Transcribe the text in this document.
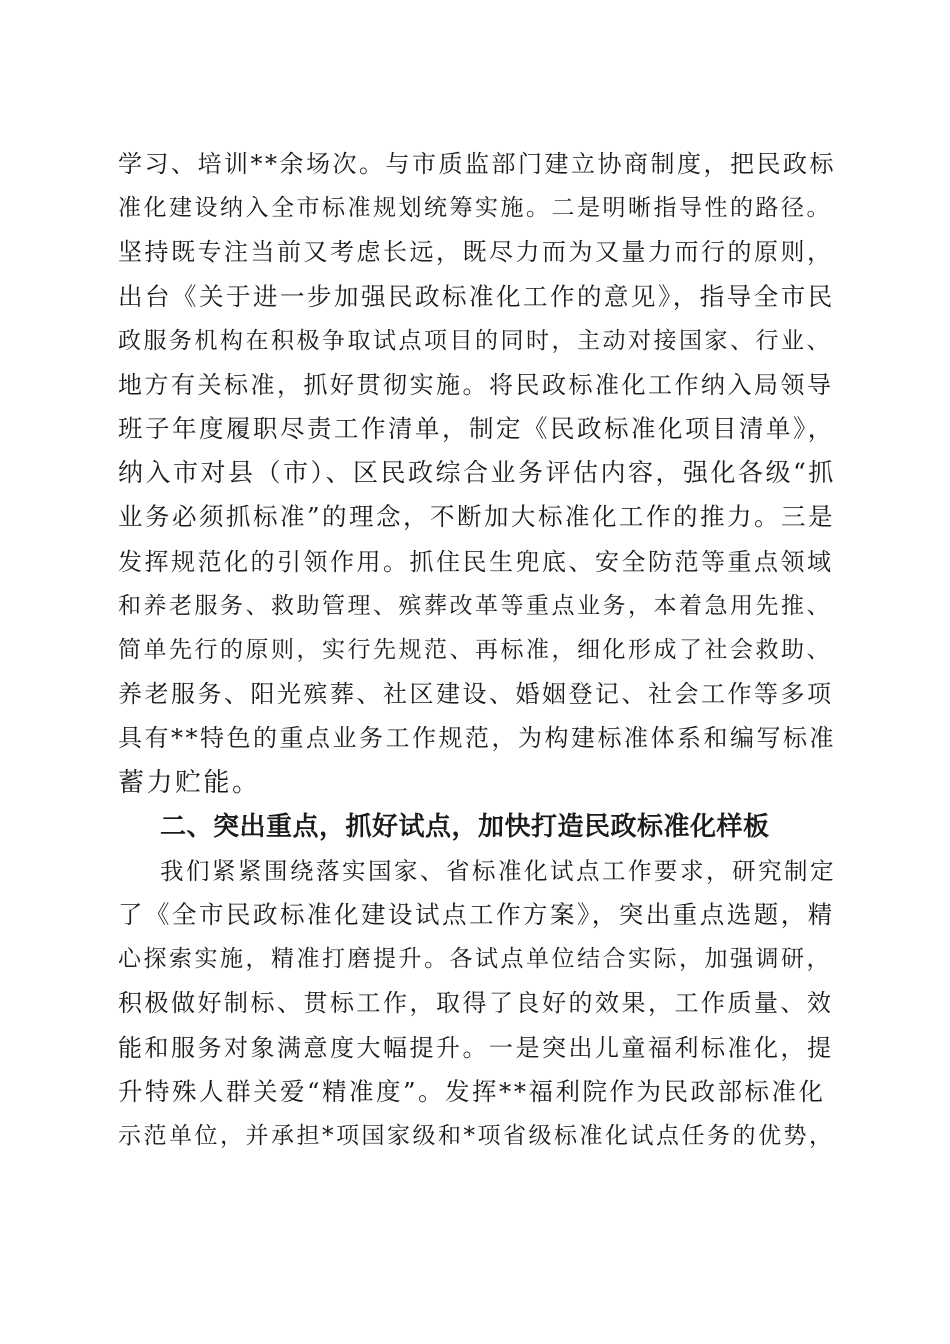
学习、培训**余场次。与市质监部门建立协商制度，把民政标
准化建设纳入全市标准规划统筹实施。二是明晰指导性的路径。
坚持既专注当前又考虑长远，既尽力而为又量力而行的原则，
出台《关于进一步加强民政标准化工作的意见》，指导全市民
政服务机构在积极争取试点项目的同时，主动对接国家、行业、
地方有关标准，抓好贯彻实施。将民政标准化工作纳入局领导
班子年度履职尽责工作清单，制定《民政标准化项目清单》，
纳入市对县（市）、区民政综合业务评估内容，强化各级“抓
业务必须抓标准”的理念，不断加大标准化工作的推力。三是
发挥规范化的引领作用。抓住民生兜底、安全防范等重点领域
和养老服务、救助管理、殡葬改革等重点业务，本着急用先推、
简单先行的原则，实行先规范、再标准，细化形成了社会救助、
养老服务、阳光殡葬、社区建设、婚姻登记、社会工作等多项
具有**特色的重点业务工作规范，为构建标准体系和编写标准
蓄力贮能。
二、突出重点，抓好试点，加快打造民政标准化样板
我们紧紧围绕落实国家、省标准化试点工作要求，研究制定
了《全市民政标准化建设试点工作方案》，突出重点选题，精
心探索实施，精准打磨提升。各试点单位结合实际，加强调研，
积极做好制标、贯标工作，取得了良好的效果，工作质量、效
能和服务对象满意度大幅提升。一是突出儿童福利标准化，提
升特殊人群关爱“精准度”。发挥**福利院作为民政部标准化
示范单位，并承担*项国家级和*项省级标准化试点任务的优势，
